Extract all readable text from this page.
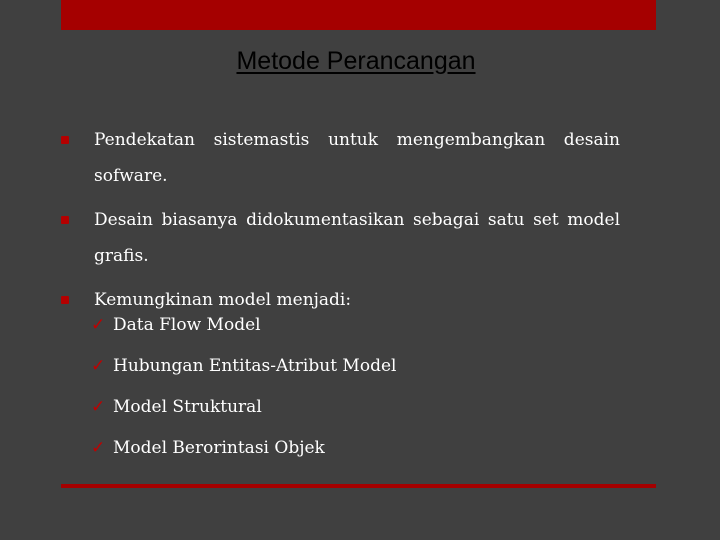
Metode Perancangan
Pendekatan sistemastis untuk mengembangkan desain sofware.
Desain biasanya didokumentasikan sebagai satu set model grafis.
Kemungkinan model menjadi:
✓ Data Flow Model
✓ Hubungan Entitas-Atribut Model
✓ Model Struktural
✓ Model Berorintasi Objek
